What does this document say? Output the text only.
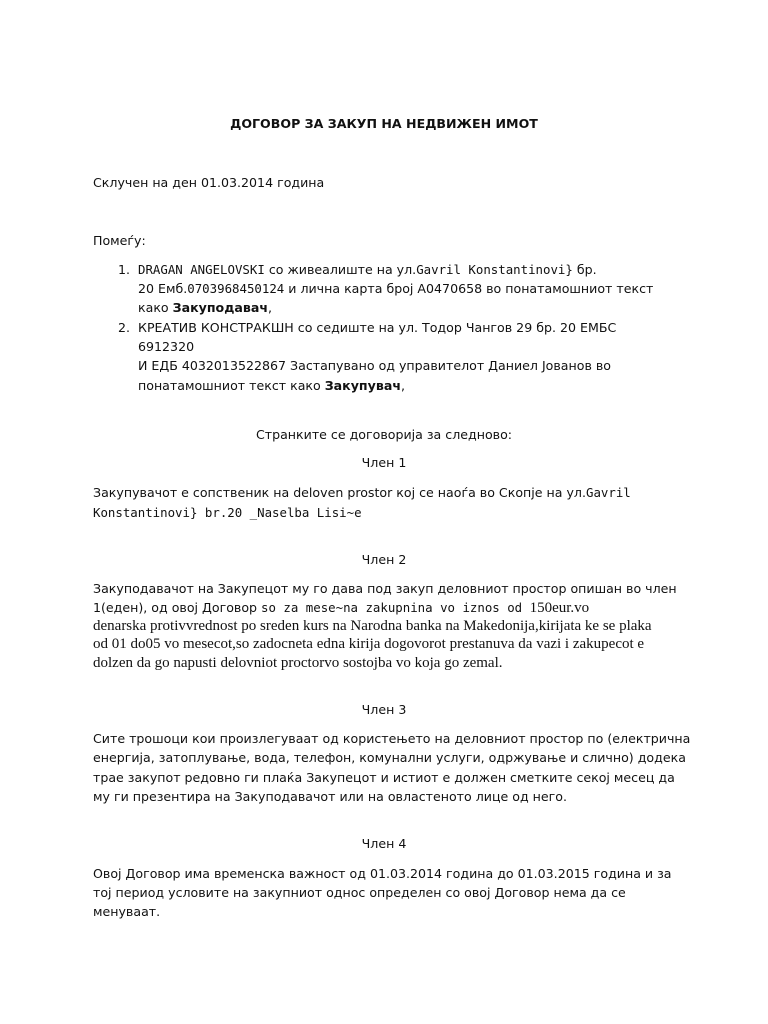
ДОГОВОР ЗА ЗАКУП НА НЕДВИЖЕН ИМОТ
Склучен на ден 01.03.2014 година
Помеѓу:
1. DRAGAN ANGELOVSKI со живеалиште на ул.Gavril Konstantinovi} бр.
20 Емб.0703968450124 и лична карта број А0470658 во понатамошниот текст
како Закуподавач,
2. КРЕАТИВ КОНСТРАКШН со седиште на ул. Тодор Чангов 29 бр. 20 ЕМБС
6912320
И ЕДБ 4032013522867 Застапувано од управителот Даниел Јованов во
понатамошниот текст како Закупувач,
Странките се договорија за следново:
Член 1
Закупувачот е сопственик на deloven prostor кој се наоѓа во Скопје на ул.Gavril
Konstantinovi} br.20 _Naselba Lisi~e
Член 2
Закуподавачот на Закупецот му го дава под закуп деловниот простор опишан во член
1(еден), од овој Договор so za mese~na zakupnina vo iznos od 150eur.vo
denarska protivvrednost po sreden kurs na Narodna banka na Makedonija,kirijata ke se plaka
od 01 do05 vo mesecot,so zadocneta edna kirija dogovorot prestanuva da vazi i zakupecot e
dolzen da go napusti delovniot proctorvo sostojba vo koja go zemal.
Член 3
Сите трошоци кои произлегуваат од користењето на деловниот простор по (електрична
енергија, затоплување, вода, телефон, комунални услуги, одржување и слично) додека
трае закупот редовно ги плаќа Закупецот и истиот е должен сметките секој месец да
му ги презентира на Закуподавачот или на овластеното лице од него.
Член 4
Овој Договор има временска важност од 01.03.2014 година до 01.03.2015 година и за
тој период условите на закупниот однос определен со овој Договор нема да се
менуваат.
